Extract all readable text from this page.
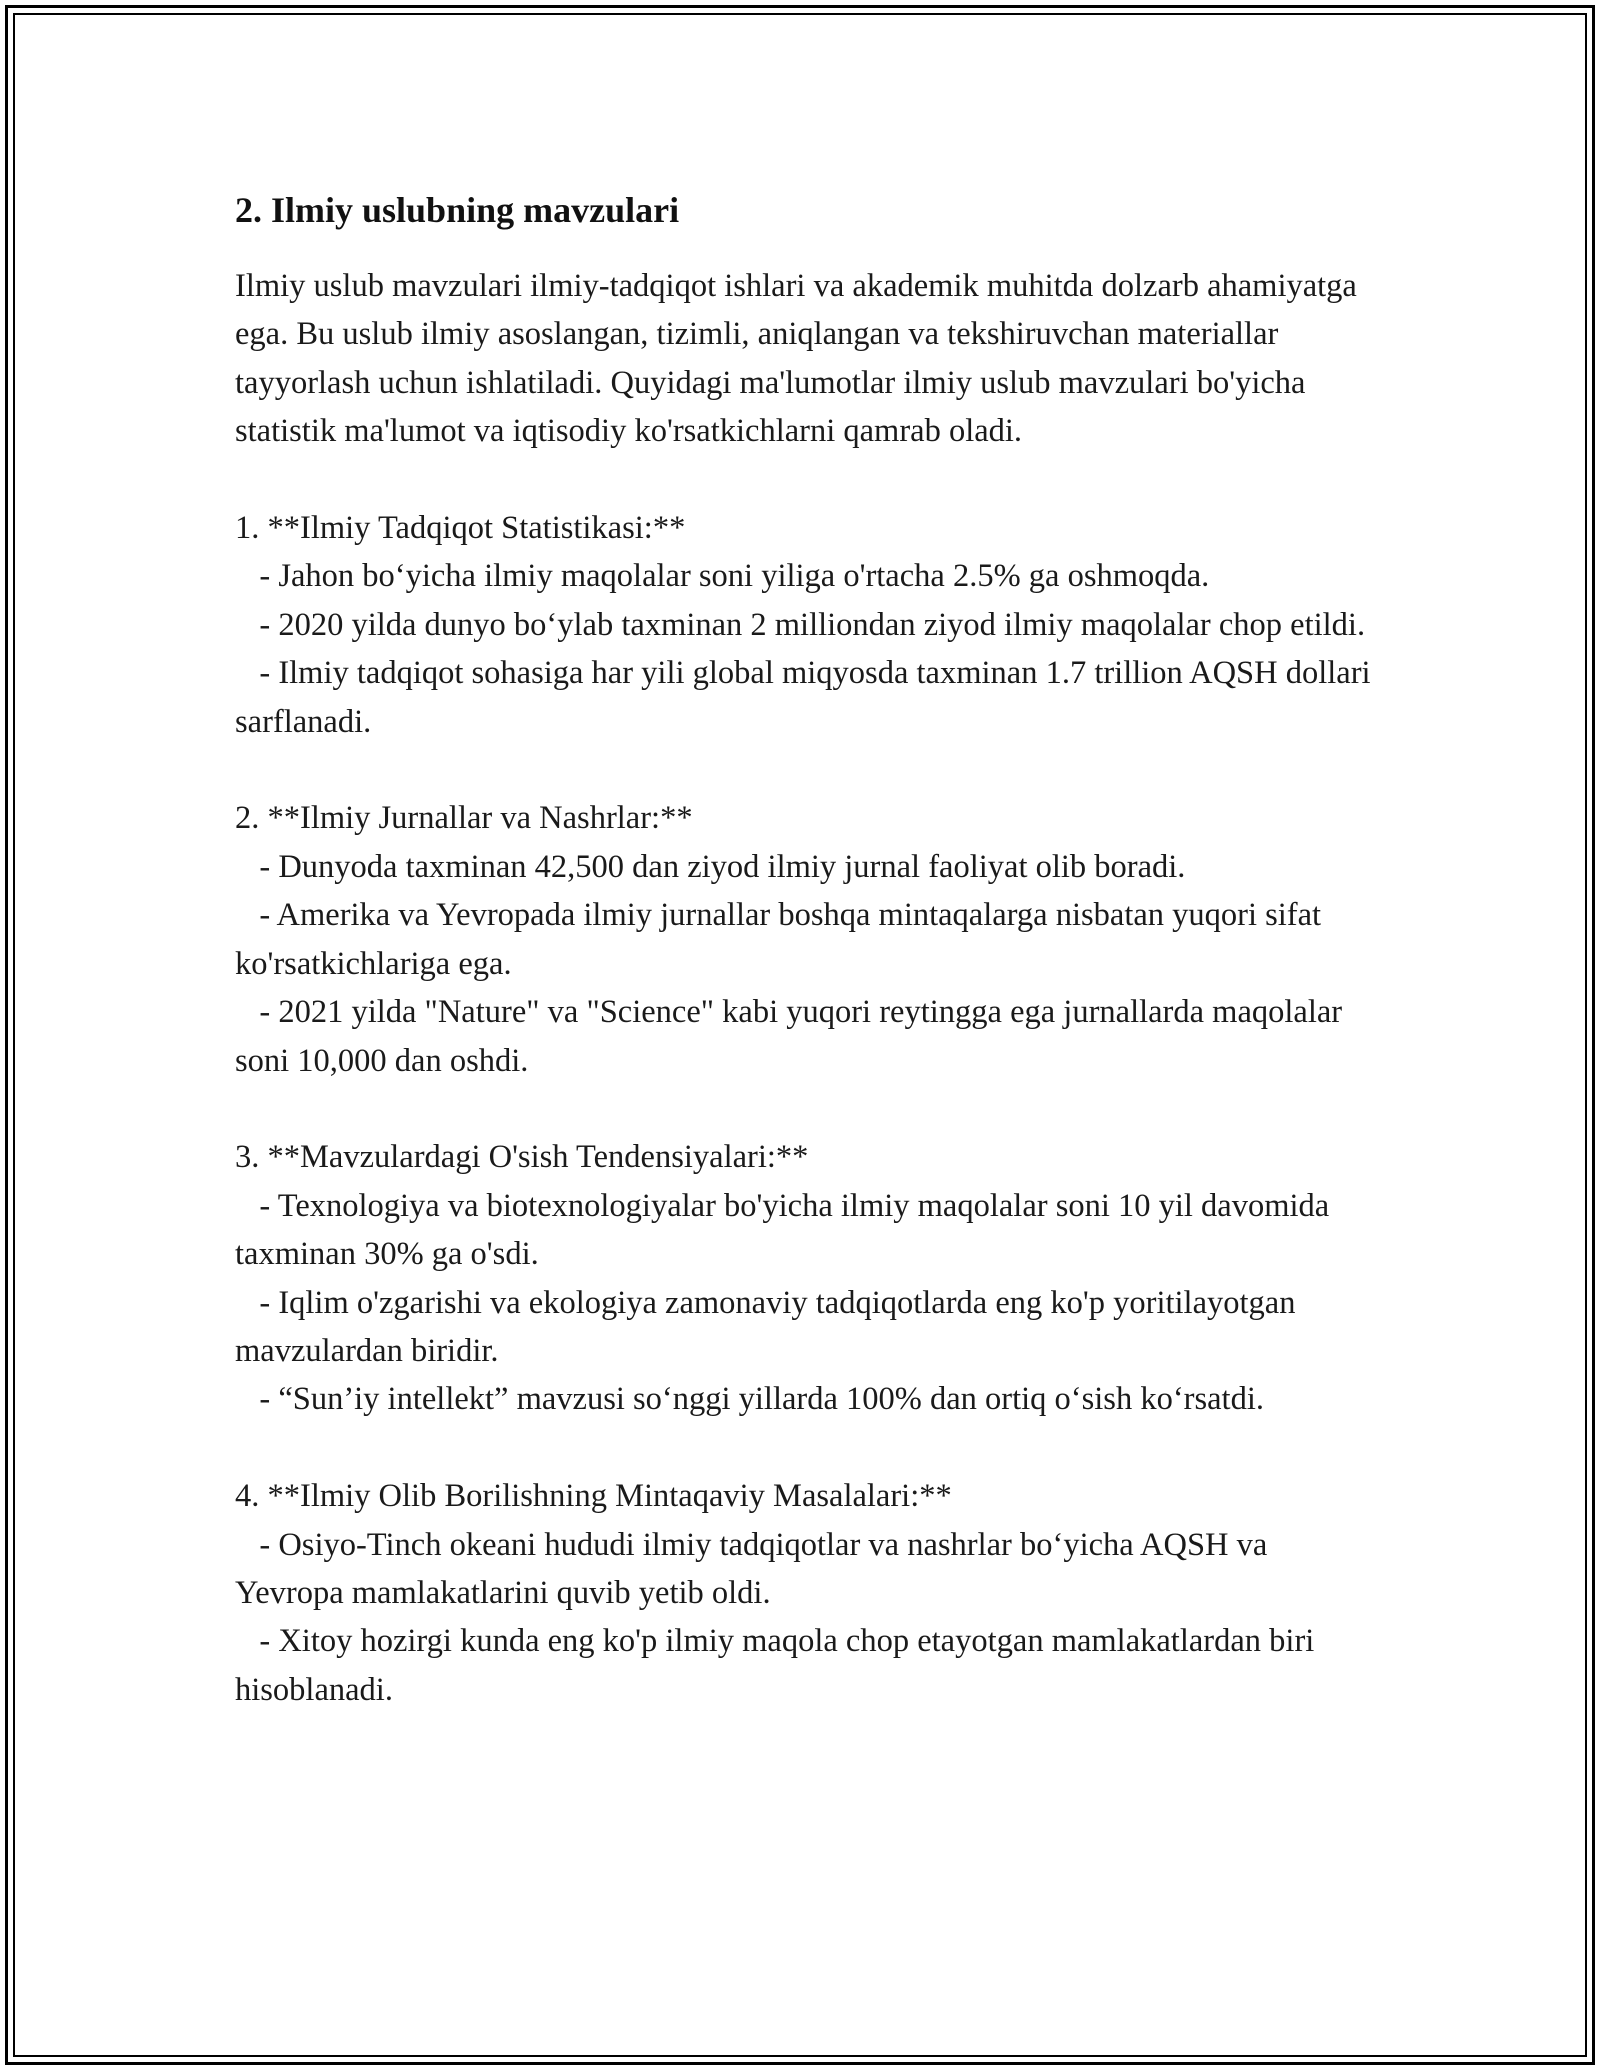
2. Ilmiy uslubning mavzulari

Ilmiy uslub mavzulari ilmiy-tadqiqot ishlari va akademik muhitda dolzarb ahamiyatga ega. Bu uslub ilmiy asoslangan, tizimli, aniqlangan va tekshiruvchan materiallar tayyorlash uchun ishlatiladi. Quyidagi ma'lumotlar ilmiy uslub mavzulari bo'yicha statistik ma'lumot va iqtisodiy ko'rsatkichlarni qamrab oladi.

1. **Ilmiy Tadqiqot Statistikasi:**
- Jahon bo‘yicha ilmiy maqolalar soni yiliga o'rtacha 2.5% ga oshmoqda.
- 2020 yilda dunyo bo‘ylab taxminan 2 milliondan ziyod ilmiy maqolalar chop etildi.
- Ilmiy tadqiqot sohasiga har yili global miqyosda taxminan 1.7 trillion AQSH dollari sarflanadi.

2. **Ilmiy Jurnallar va Nashrlar:**
- Dunyoda taxminan 42,500 dan ziyod ilmiy jurnal faoliyat olib boradi.
- Amerika va Yevropada ilmiy jurnallar boshqa mintaqalarga nisbatan yuqori sifat ko'rsatkichlariga ega.
- 2021 yilda "Nature" va "Science" kabi yuqori reytingga ega jurnallarda maqolalar soni 10,000 dan oshdi.

3. **Mavzulardagi O'sish Tendensiyalari:**
- Texnologiya va biotexnologiyalar bo'yicha ilmiy maqolalar soni 10 yil davomida taxminan 30% ga o'sdi.
- Iqlim o'zgarishi va ekologiya zamonaviy tadqiqotlarda eng ko'p yoritilayotgan mavzulardan biridir.
- “Sun’iy intellekt” mavzusi so‘nggi yillarda 100% dan ortiq o‘sish ko‘rsatdi.

4. **Ilmiy Olib Borilishning Mintaqaviy Masalalari:**
- Osiyo-Tinch okeani hududi ilmiy tadqiqotlar va nashrlar bo‘yicha AQSH va Yevropa mamlakatlarini quvib yetib oldi.
- Xitoy hozirgi kunda eng ko'p ilmiy maqola chop etayotgan mamlakatlardan biri hisoblanadi.
